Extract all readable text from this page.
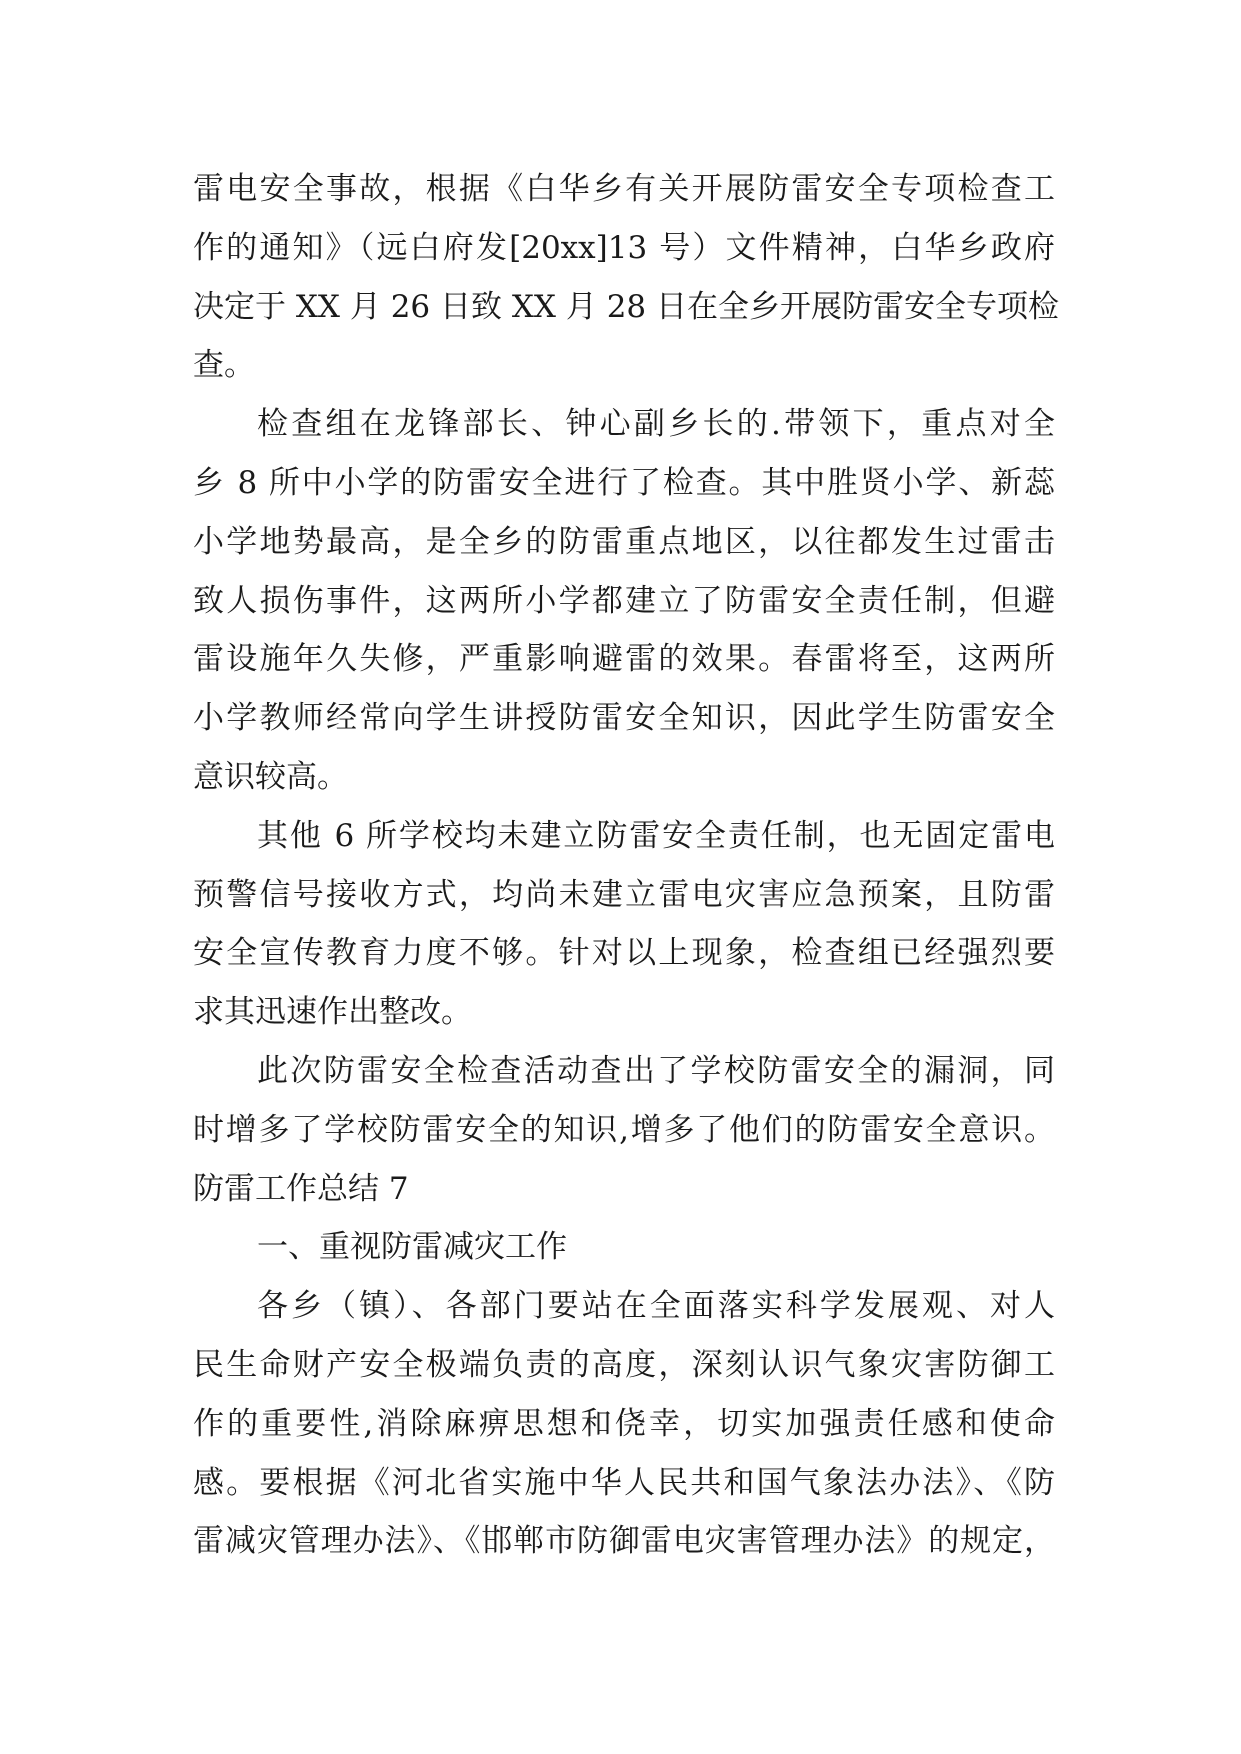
雷电安全事故，根据《白华乡有关开展防雷安全专项检查工
作的通知》（远白府发[20xx]13 号）文件精神，白华乡政府
决定于 XX 月 26 日致 XX 月 28 日在全乡开展防雷安全专项检
查。
检查组在龙锋部长、钟心副乡长的.带领下，重点对全
乡 8 所中小学的防雷安全进行了检查。其中胜贤小学、新蕊
小学地势最高，是全乡的防雷重点地区，以往都发生过雷击
致人损伤事件，这两所小学都建立了防雷安全责任制，但避
雷设施年久失修，严重影响避雷的效果。春雷将至，这两所
小学教师经常向学生讲授防雷安全知识，因此学生防雷安全
意识较高。
其他 6 所学校均未建立防雷安全责任制，也无固定雷电
预警信号接收方式，均尚未建立雷电灾害应急预案，且防雷
安全宣传教育力度不够。针对以上现象，检查组已经强烈要
求其迅速作出整改。
此次防雷安全检查活动查出了学校防雷安全的漏洞，同
时增多了学校防雷安全的知识,增多了他们的防雷安全意识。
防雷工作总结 7
一、重视防雷减灾工作
各乡（镇）、各部门要站在全面落实科学发展观、对人
民生命财产安全极端负责的高度，深刻认识气象灾害防御工
作的重要性,消除麻痹思想和侥幸，切实加强责任感和使命
感。要根据《河北省实施中华人民共和国气象法办法》、《防
雷减灾管理办法》、《邯郸市防御雷电灾害管理办法》的规定，
